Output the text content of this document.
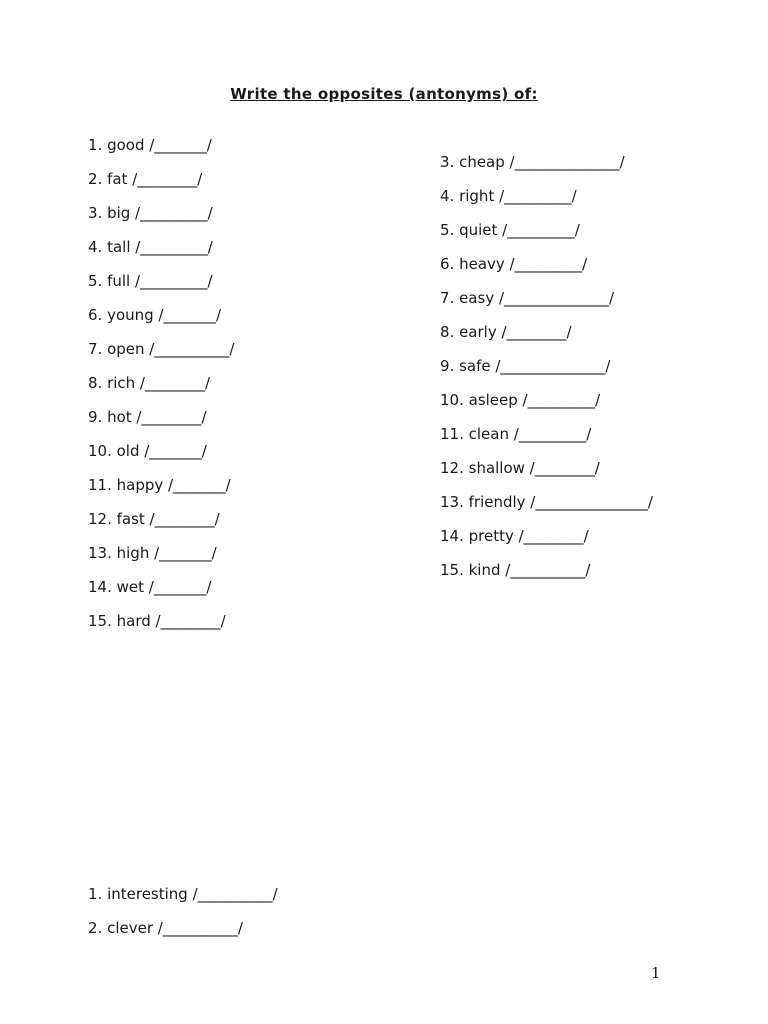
Write the opposites (antonyms) of:
1. good /_______/
2. fat /________/
3. big /_________/
4. tall /_________/
5. full /_________/
6. young /_______/
7. open /__________/
8. rich /________/
9. hot /________/
10. old /_______/
11. happy /_______/
12. fast /________/
13. high /_______/
14. wet /_______/
15. hard /________/
3. cheap /______________/
4. right /_________/
5. quiet /_________/
6. heavy /_________/
7. easy /______________/
8. early /________/
9. safe /______________/
10. asleep /_________/
11. clean /_________/
12. shallow /________/
13. friendly /_______________/
14. pretty /________/
15. kind /__________/
1. interesting /__________/
2. clever /__________/
1
